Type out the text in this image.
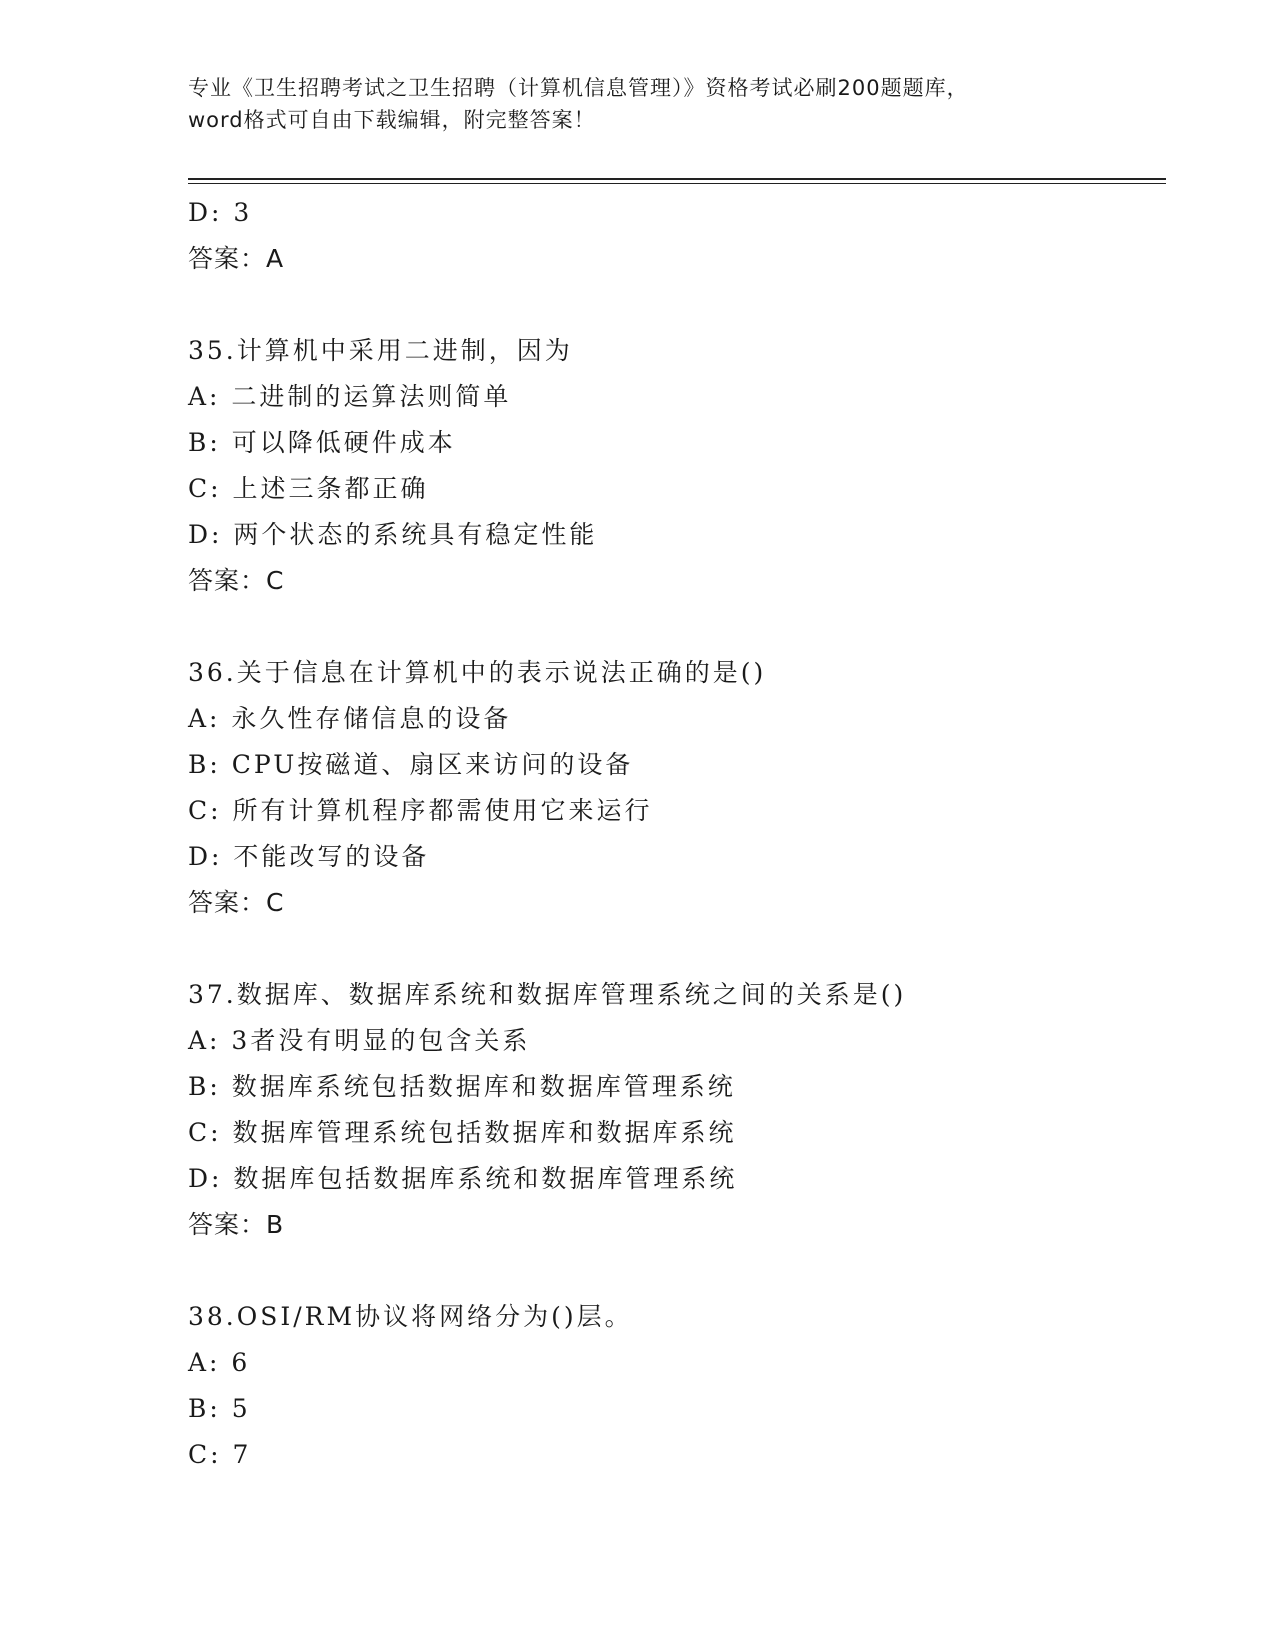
专业《卫生招聘考试之卫生招聘（计算机信息管理）》资格考试必刷200题题库，
word格式可自由下载编辑，附完整答案！
D: 3
答案：A
35.计算机中采用二进制，因为
A: 二进制的运算法则简单
B: 可以降低硬件成本
C: 上述三条都正确
D: 两个状态的系统具有稳定性能
答案：C
36.关于信息在计算机中的表示说法正确的是()
A: 永久性存储信息的设备
B: CPU按磁道、扇区来访问的设备
C: 所有计算机程序都需使用它来运行
D: 不能改写的设备
答案：C
37.数据库、数据库系统和数据库管理系统之间的关系是()
A: 3者没有明显的包含关系
B: 数据库系统包括数据库和数据库管理系统
C: 数据库管理系统包括数据库和数据库系统
D: 数据库包括数据库系统和数据库管理系统
答案：B
38.OSI/RM协议将网络分为()层。
A: 6
B: 5
C: 7
